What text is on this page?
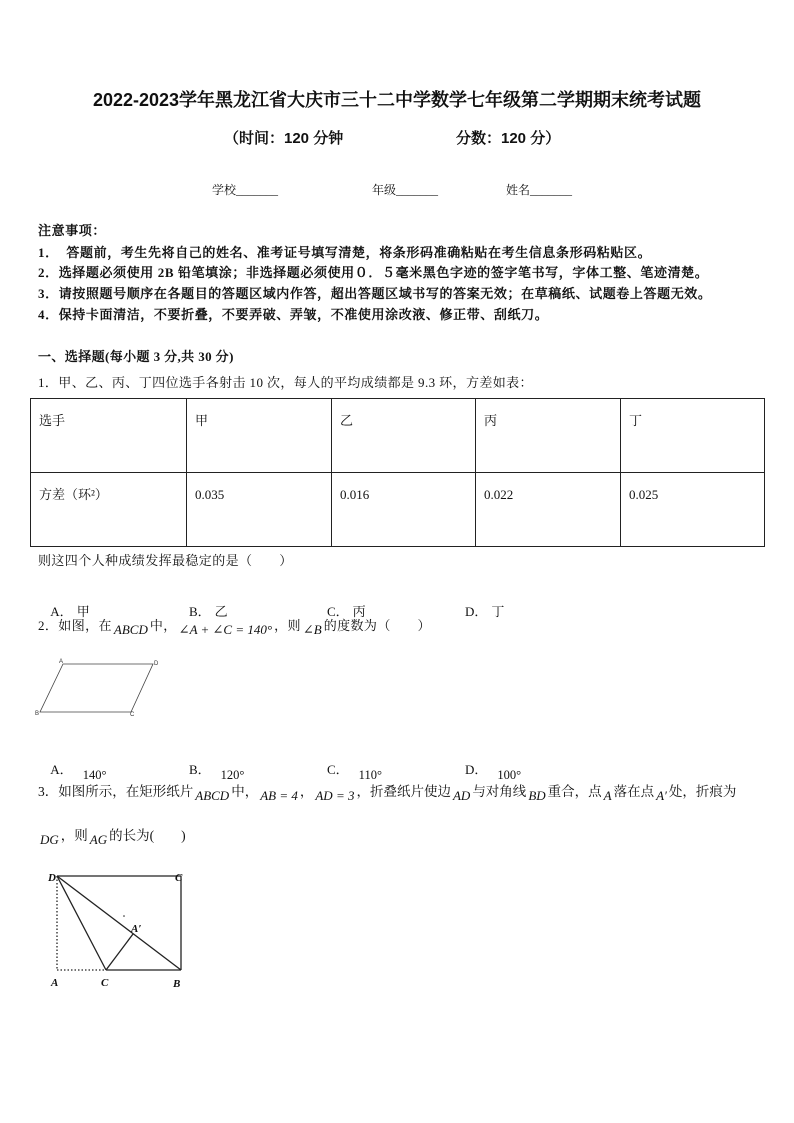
2022-2023学年黑龙江省大庆市三十二中学数学七年级第二学期期末统考试题
（时间：120 分钟	分数：120 分）
学校_______	年级_______	姓名_______
注意事项：
1．  答题前，考生先将自己的姓名、准考证号填写清楚，将条形码准确粘贴在考生信息条形码粘贴区。
2．选择题必须使用 2B 铅笔填涂；非选择题必须使用０．５毫米黑色字迹的签字笔书写，字体工整、笔迹清楚。
3．请按照题号顺序在各题目的答题区域内作答，超出答题区域书写的答案无效；在草稿纸、试题卷上答题无效。
4．保持卡面清洁，不要折叠，不要弄破、弄皱，不准使用涂改液、修正带、刮纸刀。
一、选择题(每小题 3 分,共 30 分)
1．甲、乙、丙、丁四位选手各射击 10 次，每人的平均成绩都是 9.3 环，方差如表：
选手	甲	乙	丙	丁
方差（环²）	0.035	0.016	0.022	0.025
则这四个人种成绩发挥最稳定的是（　　）

A． 甲
	B． 乙
	C． 丙
	D． 丁

2．如图，在 ABCD 中， ∠A + ∠C = 140° ，则 ∠B 的度数为（　　）
A	D
B	C

A． 140°
	B． 120°
	C． 110°
	D． 100°

3．如图所示，在矩形纸片 ABCD 中， AB = 4 ， AD = 3 ，折叠纸片使边 AD 与对角线 BD 重合，点 A 落在点 A′ 处，折痕为
DG ，则 AG 的长为(　　)
D	C
A′
A	C	B
